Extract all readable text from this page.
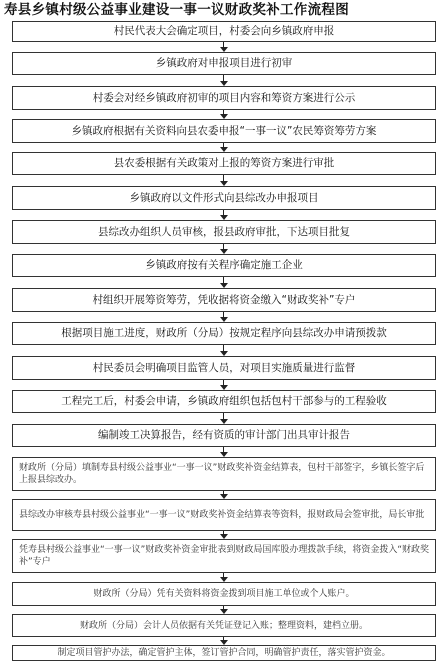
寿县乡镇村级公益事业建设一事一议财政奖补工作流程图
村民代表大会确定项目，村委会向乡镇政府申报
乡镇政府对申报项目进行初审
村委会对经乡镇政府初审的项目内容和筹资方案进行公示
乡镇政府根据有关资料向县农委申报“一事一议”农民筹资筹劳方案
县农委根据有关政策对上报的筹资方案进行审批
乡镇政府以文件形式向县综改办申报项目
县综改办组织人员审核，报县政府审批，下达项目批复
乡镇政府按有关程序确定施工企业
村组织开展筹资筹劳，凭收据将资金缴入“财政奖补”专户
根据项目施工进度，财政所（分局）按规定程序向县综改办申请预拨款
村民委员会明确项目监管人员，对项目实施质量进行监督
工程完工后，村委会申请，乡镇政府组织包括包村干部参与的工程验收
编制竣工决算报告，经有资质的审计部门出具审计报告
财政所（分局）填制寿县村级公益事业“一事一议”财政奖补资金结算表，包村干部签字，乡镇长签字后上报县综改办。
县综改办审核寿县村级公益事业“一事一议”财政奖补资金结算表等资料，报财政局会签审批，局长审批
凭寿县村级公益事业“一事一议”财政奖补资金审批表到财政局国库股办理拨款手续，将资金拨入“财政奖补”专户
财政所（分局）凭有关资料将资金拨到项目施工单位或个人账户。
财政所（分局）会计人员依据有关凭证登记入账；整理资料，建档立册。
制定项目管护办法，确定管护主体，签订管护合同，明确管护责任，落实管护资金。
